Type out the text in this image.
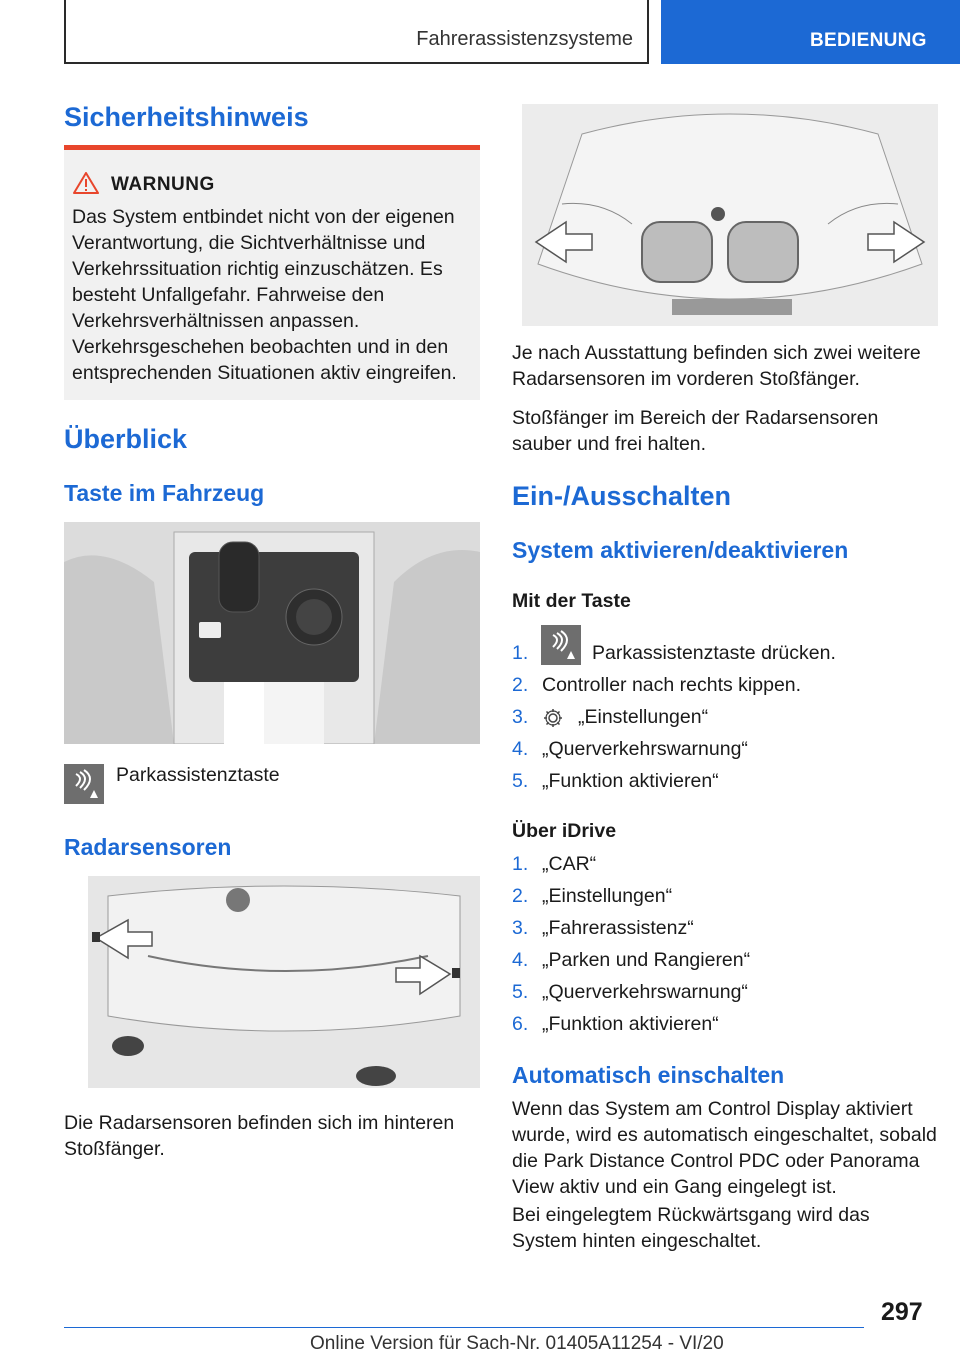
Fahrerassistenzsysteme	BEDIENUNG
Sicherheitshinweis
WARNUNG

Das System entbindet nicht von der eigenen Verantwortung, die Sichtverhältnisse und Verkehrssituation richtig einzuschätzen. Es besteht Unfallgefahr. Fahrweise den Verkehrsverhältnissen anpassen. Verkehrsgeschehen beobachten und in den entsprechenden Situationen aktiv eingreifen.

Überblick
Taste im Fahrzeug
Parkassistenztaste
Radarsensoren

Die Radarsensoren befinden sich im hinteren Stoßfänger.

Je nach Ausstattung befinden sich zwei weitere Radarsensoren im vorderen Stoßfänger.

Stoßfänger im Bereich der Radarsensoren sauber und frei halten.

Ein-/Ausschalten
System aktivieren/deaktivieren
Mit der Taste
1.	Parkassistenztaste drücken.
2. Controller nach rechts kippen.
3.	„Einstellungen“
4. „Querverkehrswarnung“
5. „Funktion aktivieren“
Über iDrive
1. „CAR“
2. „Einstellungen“
3. „Fahrerassistenz“
4. „Parken und Rangieren“
5. „Querverkehrswarnung“
6. „Funktion aktivieren“
Automatisch einschalten

Wenn das System am Control Display aktiviert wurde, wird es automatisch eingeschaltet, sobald die Park Distance Control PDC oder Panorama View aktiv und ein Gang eingelegt ist.

Bei eingelegtem Rückwärtsgang wird das System hinten eingeschaltet.

297
Online Version für Sach-Nr. 01405A11254 - VI/20
